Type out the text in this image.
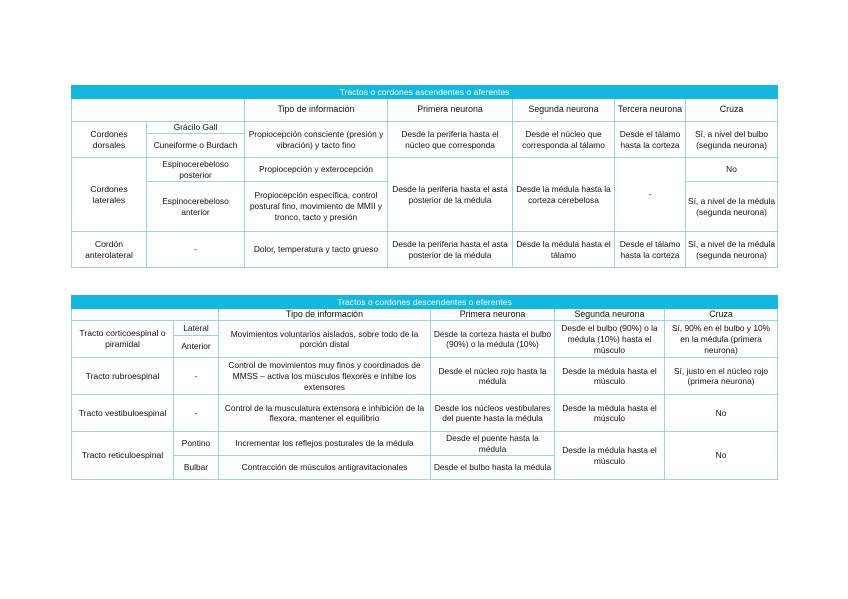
Tractos o cordones ascendentes o aferentes						
		Tipo de información	Primera neurona	Segunda neurona	Tercera neurona	Cruza
Cordones dorsales	Grácilo Gall	Propiocepción consciente (presión y vibración) y tacto fino	Desde la periferia hasta el núcleo que corresponda	Desde el núcleo que corresponda al tálamo	Desde el tálamo hasta la corteza	Sí, a nivel del bulbo (segunda neurona)
	Cuneiforme o Burdach					
Cordones laterales	Espinocerebeloso posterior	Propiocepción y exterocepción	Desde la periferia hasta el asta posterior de la médula	Desde la médula hasta la corteza cerebelosa	-	No
	Espinocerebeloso anterior	Propiocepción específica, control postural fino, movimiento de MMII y tronco, tacto y presión				Sí, a nivel de la médula (segunda neurona)
Cordón anterolateral	-	Dolor, temperatura y tacto grueso	Desde la periferia hasta el asta posterior de la médula	Desde la médula hasta el tálamo	Desde el tálamo hasta la corteza	Sí, a nivel de la médula (segunda neurona)
Tractos o cordones descendentes o eferentes					
		Tipo de información	Primera neurona	Segunda neurona	Cruza
Tracto corticoespinal o piramidal	Lateral	Movimientos voluntarios aislados, sobre todo de la porción distal	Desde la corteza hasta el bulbo (90%) o la médula (10%)	Desde el bulbo (90%) o la médula (10%) hasta el músculo	Sí, 90% en el bulbo y 10% en la médula (primera neurona)
	Anterior				
Tracto rubroespinal	-	Control de movimientos muy finos y coordinados de MMSS – activa los músculos flexores e inhibe los extensores	Desde el núcleo rojo hasta la médula	Desde la médula hasta el músculo	Sí, justo en el núcleo rojo (primera neurona)
Tracto vestibuloespinal	-	Control de la musculatura extensora e inhibición de la flexora, mantener el equilibrio	Desde los núcleos vestibulares del puente hasta la médula	Desde la médula hasta el músculo	No
Tracto reticuloespinal	Pontino	Incrementar los reflejos posturales de la médula	Desde el puente hasta la médula	Desde la médula hasta el músculo	No
	Bulbar	Contracción de músculos antigravitacionales	Desde el bulbo hasta la médula		
